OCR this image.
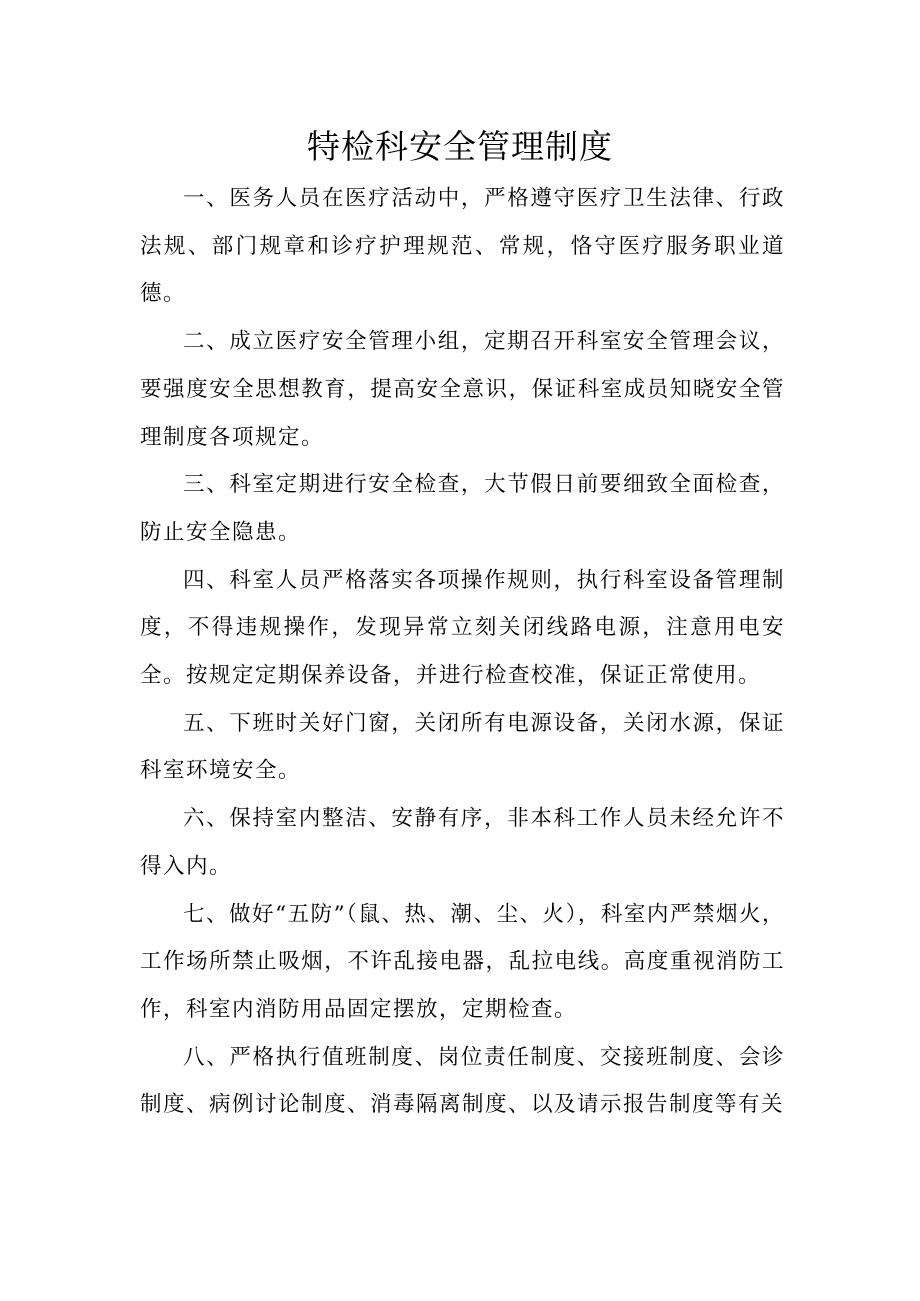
特检科安全管理制度

一、医务人员在医疗活动中，严格遵守医疗卫生法律、行政法规、部门规章和诊疗护理规范、常规，恪守医疗服务职业道德。

二、成立医疗安全管理小组，定期召开科室安全管理会议，要强度安全思想教育，提高安全意识，保证科室成员知晓安全管理制度各项规定。

三、科室定期进行安全检查，大节假日前要细致全面检查，防止安全隐患。

四、科室人员严格落实各项操作规则，执行科室设备管理制度，不得违规操作，发现异常立刻关闭线路电源，注意用电安全。按规定定期保养设备，并进行检查校准，保证正常使用。

五、下班时关好门窗，关闭所有电源设备，关闭水源，保证科室环境安全。

六、保持室内整洁、安静有序，非本科工作人员未经允许不得入内。

七、做好“五防”（鼠、热、潮、尘、火），科室内严禁烟火，工作场所禁止吸烟，不许乱接电器，乱拉电线。高度重视消防工作，科室内消防用品固定摆放，定期检查。

八、严格执行值班制度、岗位责任制度、交接班制度、会诊制度、病例讨论制度、消毒隔离制度、以及请示报告制度等有关
